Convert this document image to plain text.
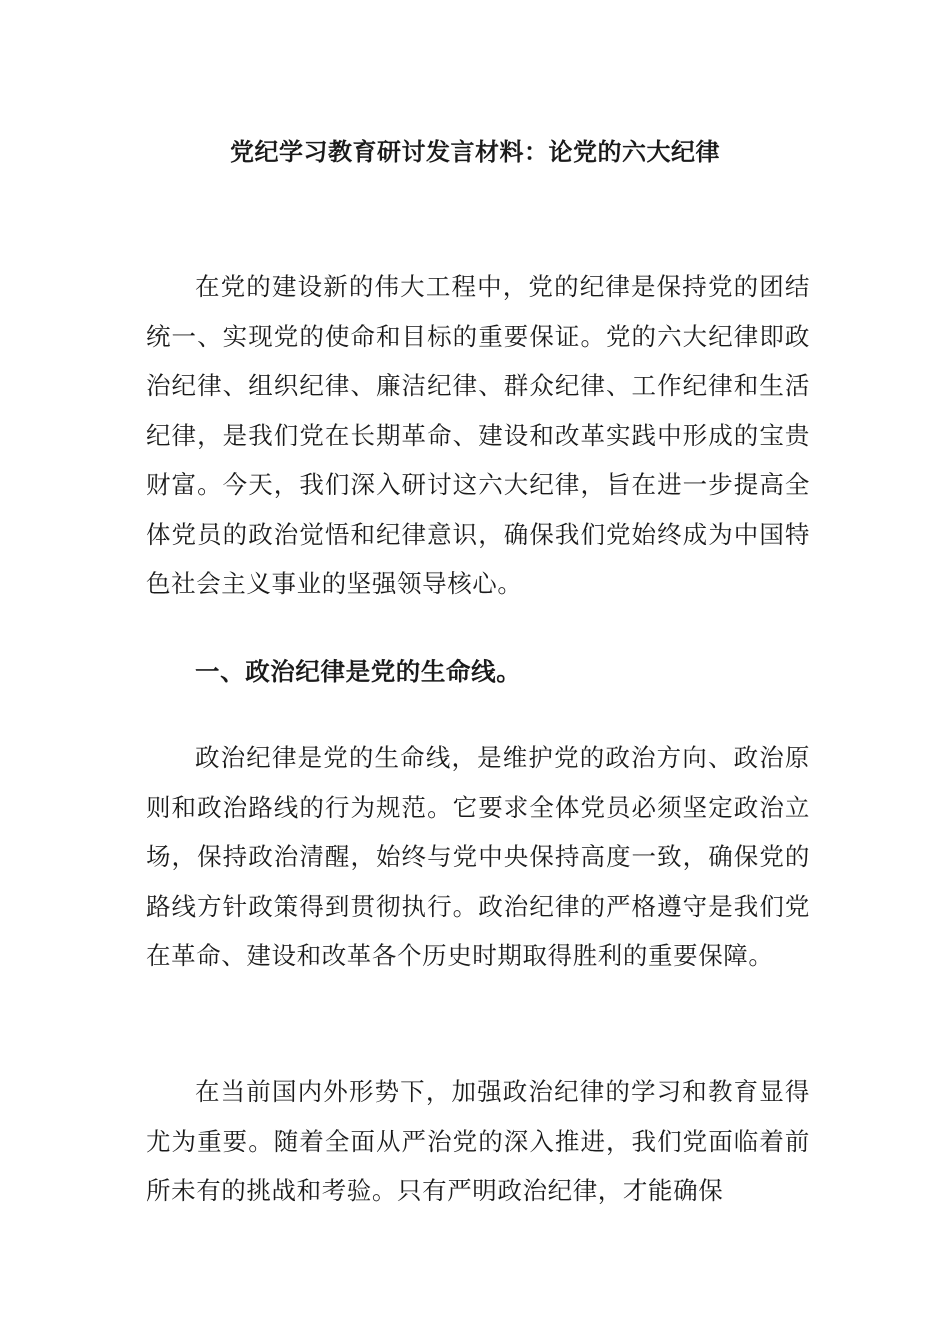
党纪学习教育研讨发言材料：论党的六大纪律

在党的建设新的伟大工程中，党的纪律是保持党的团结统一、实现党的使命和目标的重要保证。党的六大纪律即政治纪律、组织纪律、廉洁纪律、群众纪律、工作纪律和生活纪律，是我们党在长期革命、建设和改革实践中形成的宝贵财富。今天，我们深入研讨这六大纪律，旨在进一步提高全体党员的政治觉悟和纪律意识，确保我们党始终成为中国特色社会主义事业的坚强领导核心。

一、政治纪律是党的生命线。

政治纪律是党的生命线，是维护党的政治方向、政治原则和政治路线的行为规范。它要求全体党员必须坚定政治立场，保持政治清醒，始终与党中央保持高度一致，确保党的路线方针政策得到贯彻执行。政治纪律的严格遵守是我们党在革命、建设和改革各个历史时期取得胜利的重要保障。

在当前国内外形势下，加强政治纪律的学习和教育显得尤为重要。随着全面从严治党的深入推进，我们党面临着前所未有的挑战和考验。只有严明政治纪律，才能确保
